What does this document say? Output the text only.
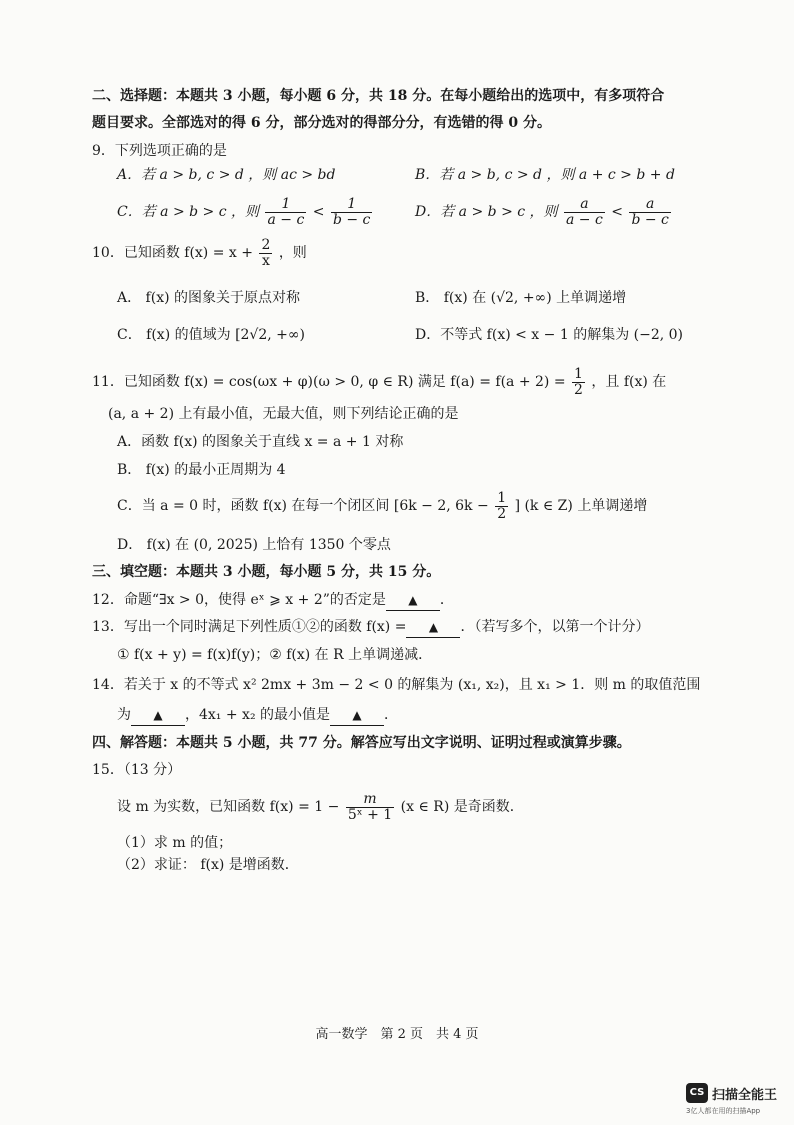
二、选择题：本题共 3 小题，每小题 6 分，共 18 分。在每小题给出的选项中，有多项符合
题目要求。全部选对的得 6 分，部分选对的得部分分，有选错的得 0 分。
9．下列选项正确的是
A．若 a > b, c > d ，则 ac > bd	B．若 a > b, c > d ，则 a + c > b + d
C．若 a > b > c ，则 $\frac{1}{a - c} < \frac{1}{b - c}$	D．若 a > b > c ，则 $\frac{a}{a - c} < \frac{a}{b - c}$
10．已知函数 $f(x) = x + \frac{2}{x}$ ，则
A． f(x) 的图象关于原点对称	B． f(x) 在 (√2, +∞) 上单调递增
C． f(x) 的值域为 [2√2, +∞)	D．不等式 f(x) < x − 1 的解集为 (−2, 0)
11．已知函数 f(x) = cos(ωx + φ)(ω > 0, φ ∈ R) 满足 $f(a) = f(a + 2) = \frac{1}{2}$ ，且 f(x) 在
(a, a + 2) 上有最小值，无最大值，则下列结论正确的是
A．函数 f(x) 的图象关于直线 x = a + 1 对称
B． f(x) 的最小正周期为 4
C．当 a = 0 时，函数 f(x) 在每一个闭区间 [6k − 2, $6k - \frac{1}{2}$ ] (k ∈ Z) 上单调递增
D． f(x) 在 (0, 2025) 上恰有 1350 个零点
三、填空题：本题共 3 小题，每小题 5 分，共 15 分。
12．命题“∃x > 0，使得 eˣ ⩾ x + 2”的否定是 ▲ ．
13．写出一个同时满足下列性质①②的函数 f(x) = ▲ ．（若写多个，以第一个计分）
① f(x + y) = f(x)f(y)；② f(x) 在 R 上单调递减．
14．若关于 x 的不等式 x² 2mx + 3m − 2 < 0 的解集为 (x₁, x₂)，且 x₁ > 1．则 m 的取值范围
为 ▲ ，4x₁ + x₂ 的最小值是 ▲ ．
四、解答题：本题共 5 小题，共 77 分。解答应写出文字说明、证明过程或演算步骤。
15．（13 分）
设 m 为实数，已知函数 $f(x) = 1 - \frac{m}{\text{5ˣ + 1}} (x$ ∈ R) 是奇函数．
（1）求 m 的值；
（2）求证： f(x) 是增函数．
高一数学　第 2 页　共 4 页
CS 扫描全能王
3亿人都在用的扫描App
